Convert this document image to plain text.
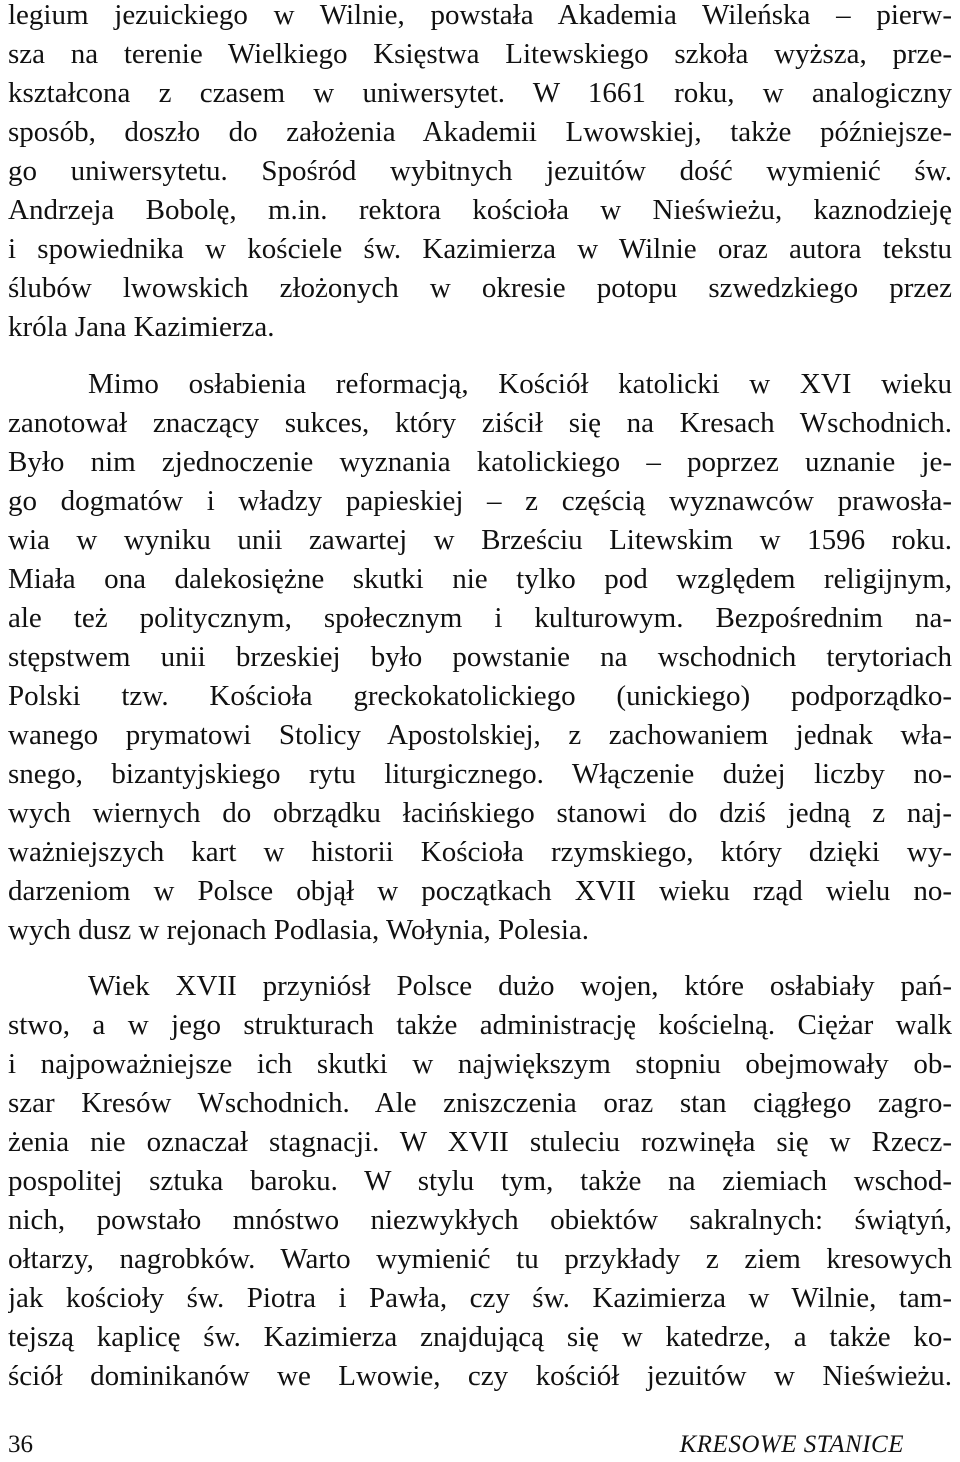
legium jezuickiego w Wilnie, powstała Akademia Wileńska – pierw-
sza na terenie Wielkiego Księstwa Litewskiego szkoła wyższa, prze-
kształcona z czasem w uniwersytet. W 1661 roku, w analogiczny
sposób, doszło do założenia Akademii Lwowskiej, także późniejsze-
go uniwersytetu. Spośród wybitnych jezuitów dość wymienić św.
Andrzeja Bobolę, m.in. rektora kościoła w Nieświeżu, kaznodzieję
i spowiednika w kościele św. Kazimierza w Wilnie oraz autora tekstu
ślubów lwowskich złożonych w okresie potopu szwedzkiego przez
króla Jana Kazimierza.
Mimo osłabienia reformacją, Kościół katolicki w XVI wieku
zanotował znaczący sukces, który ziścił się na Kresach Wschodnich.
Było nim zjednoczenie wyznania katolickiego – poprzez uznanie je-
go dogmatów i władzy papieskiej – z częścią wyznawców prawosła-
wia w wyniku unii zawartej w Brześciu Litewskim w 1596 roku.
Miała ona dalekosiężne skutki nie tylko pod względem religijnym,
ale też politycznym, społecznym i kulturowym. Bezpośrednim na-
stępstwem unii brzeskiej było powstanie na wschodnich terytoriach
Polski tzw. Kościoła greckokatolickiego (unickiego) podporządko-
wanego prymatowi Stolicy Apostolskiej, z zachowaniem jednak wła-
snego, bizantyjskiego rytu liturgicznego. Włączenie dużej liczby no-
wych wiernych do obrządku łacińskiego stanowi do dziś jedną z naj-
ważniejszych kart w historii Kościoła rzymskiego, który dzięki wy-
darzeniom w Polsce objął w początkach XVII wieku rząd wielu no-
wych dusz w rejonach Podlasia, Wołynia, Polesia.
Wiek XVII przyniósł Polsce dużo wojen, które osłabiały pań-
stwo, a w jego strukturach także administrację kościelną. Ciężar walk
i najpoważniejsze ich skutki w największym stopniu obejmowały ob-
szar Kresów Wschodnich. Ale zniszczenia oraz stan ciągłego zagro-
żenia nie oznaczał stagnacji. W XVII stuleciu rozwinęła się w Rzecz-
pospolitej sztuka baroku. W stylu tym, także na ziemiach wschod-
nich, powstało mnóstwo niezwykłych obiektów sakralnych: świątyń,
ołtarzy, nagrobków. Warto wymienić tu przykłady z ziem kresowych
jak kościoły św. Piotra i Pawła, czy św. Kazimierza w Wilnie, tam-
tejszą kaplicę św. Kazimierza znajdującą się w katedrze, a także ko-
ściół dominikanów we Lwowie, czy kościół jezuitów w Nieświeżu.
36	KRESOWE STANICE
